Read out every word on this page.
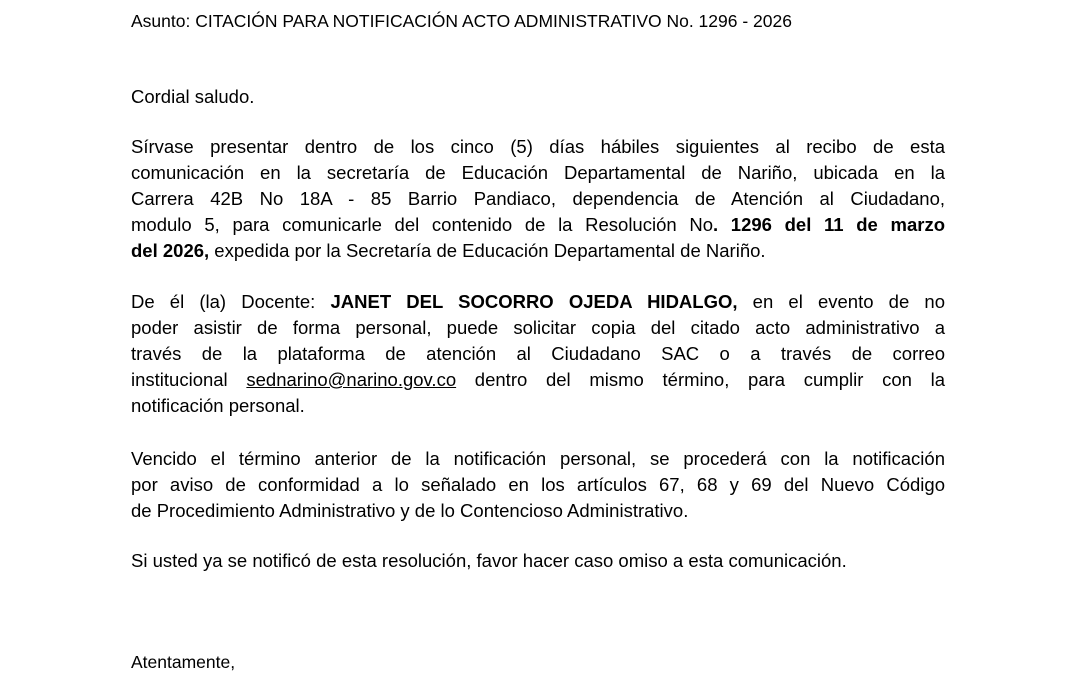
Asunto: CITACIÓN PARA NOTIFICACIÓN ACTO ADMINISTRATIVO No. 1296 - 2026
Cordial saludo.
Sírvase presentar dentro de los cinco (5) días hábiles siguientes al recibo de esta
comunicación en la secretaría de Educación Departamental de Nariño, ubicada en la
Carrera 42B No 18A - 85 Barrio Pandiaco, dependencia de Atención al Ciudadano,
modulo 5, para comunicarle del contenido de la Resolución No. 1296 del 11 de marzo
del 2026, expedida por la Secretaría de Educación Departamental de Nariño.
De él (la) Docente: JANET DEL SOCORRO OJEDA HIDALGO, en el evento de no
poder asistir de forma personal, puede solicitar copia del citado acto administrativo a
través de la plataforma de atención al Ciudadano SAC o a través de correo
institucional sednarino@narino.gov.co dentro del mismo término, para cumplir con la
notificación personal.
Vencido el término anterior de la notificación personal, se procederá con la notificación
por aviso de conformidad a lo señalado en los artículos 67, 68 y 69 del Nuevo Código
de Procedimiento Administrativo y de lo Contencioso Administrativo.
Si usted ya se notificó de esta resolución, favor hacer caso omiso a esta comunicación.
Atentamente,
